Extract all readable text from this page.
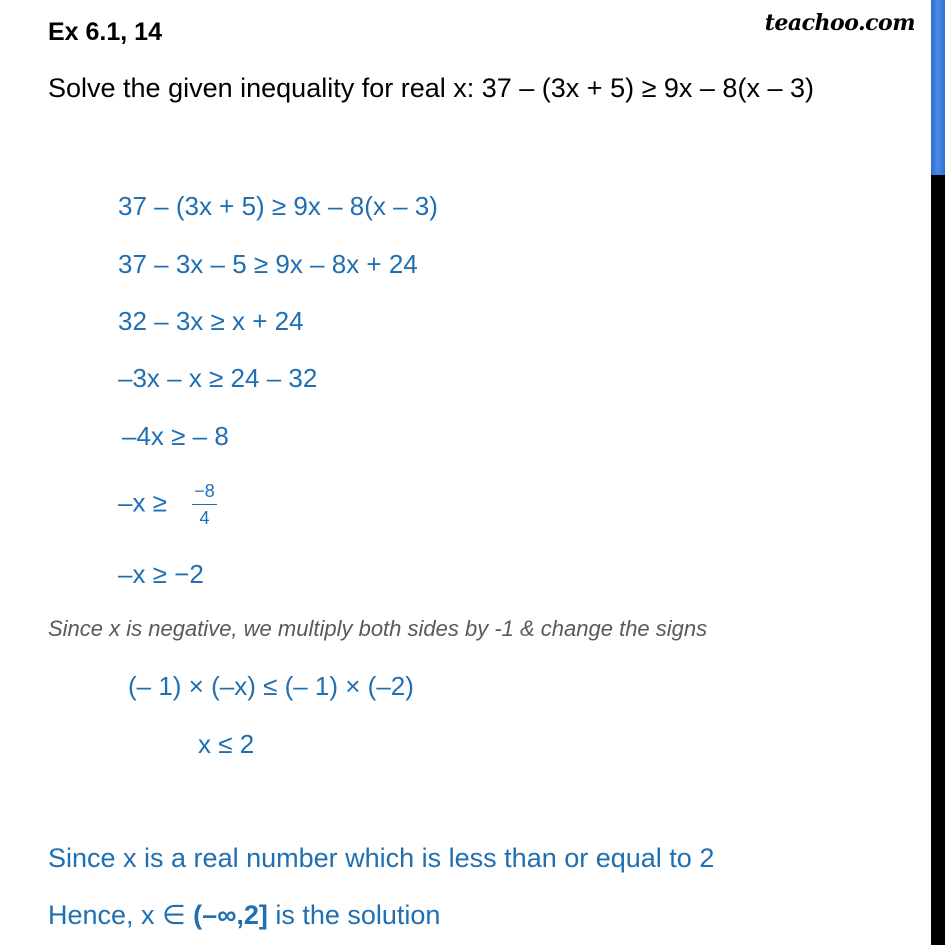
Ex 6.1, 14	teachoo.com
Solve the given inequality for real x: 37 – (3x + 5) ≥ 9x – 8(x – 3)
37 – (3x + 5) ≥ 9x – 8(x – 3)
37 – 3x – 5 ≥ 9x – 8x + 24
32 – 3x ≥ x + 24
–3x – x ≥ 24 – 32
–4x ≥ – 8
$-x \ge \frac{-8}{4}$
–x ≥ −2
Since x is negative, we multiply both sides by -1 & change the signs
(– 1) × (–x) ≤ (– 1) × (–2)
x ≤ 2
Since x is a real number which is less than or equal to 2
Hence, x ∈ (–∞,2] is the solution
